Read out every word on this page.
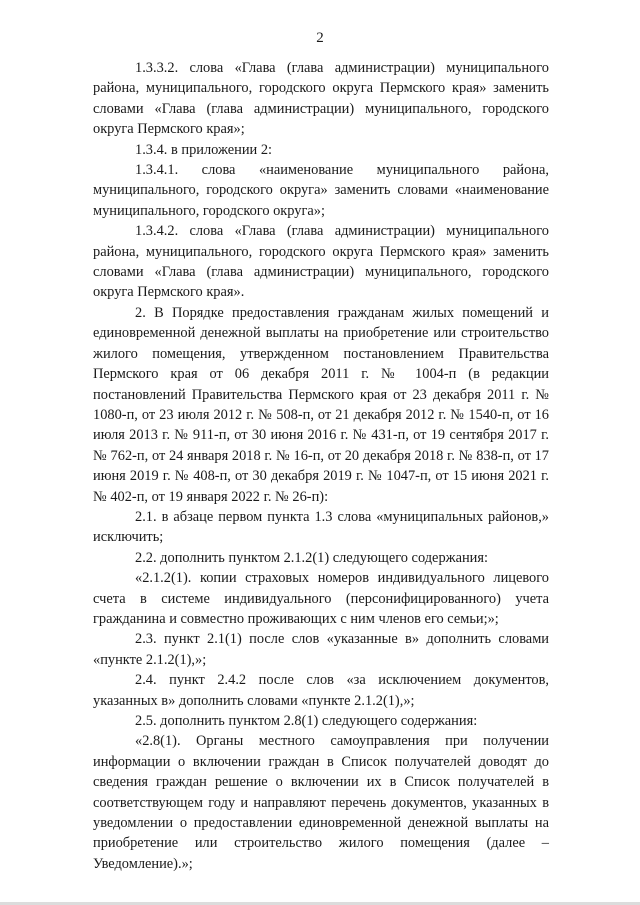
2

1.3.3.2. слова «Глава (глава администрации) муниципального района, муниципального, городского округа Пермского края» заменить словами «Глава (глава администрации) муниципального, городского округа Пермского края»;

1.3.4. в приложении 2:

1.3.4.1. слова «наименование муниципального района, муниципального, городского округа» заменить словами «наименование муниципального, городского округа»;

1.3.4.2. слова «Глава (глава администрации) муниципального района, муниципального, городского округа Пермского края» заменить словами «Глава (глава администрации) муниципального, городского округа Пермского края».

2. В Порядке предоставления гражданам жилых помещений и единовременной денежной выплаты на приобретение или строительство жилого помещения, утвержденном постановлением Правительства Пермского края от 06 декабря 2011 г. № 1004-п (в редакции постановлений Правительства Пермского края от 23 декабря 2011 г. № 1080-п, от 23 июля 2012 г. № 508-п, от 21 декабря 2012 г. № 1540-п, от 16 июля 2013 г. № 911-п, от 30 июня 2016 г. № 431-п, от 19 сентября 2017 г. № 762-п, от 24 января 2018 г. № 16-п, от 20 декабря 2018 г. № 838-п, от 17 июня 2019 г. № 408-п, от 30 декабря 2019 г. № 1047-п, от 15 июня 2021 г. № 402-п, от 19 января 2022 г. № 26-п):

2.1. в абзаце первом пункта 1.3 слова «муниципальных районов,» исключить;

2.2. дополнить пунктом 2.1.2(1) следующего содержания:

«2.1.2(1). копии страховых номеров индивидуального лицевого счета в системе индивидуального (персонифицированного) учета гражданина и совместно проживающих с ним членов его семьи;»;

2.3. пункт 2.1(1) после слов «указанные в» дополнить словами «пункте 2.1.2(1),»;

2.4. пункт 2.4.2 после слов «за исключением документов, указанных в» дополнить словами «пункте 2.1.2(1),»;

2.5. дополнить пунктом 2.8(1) следующего содержания:

«2.8(1). Органы местного самоуправления при получении информации о включении граждан в Список получателей доводят до сведения граждан решение о включении их в Список получателей в соответствующем году и направляют перечень документов, указанных в уведомлении о предоставлении единовременной денежной выплаты на приобретение или строительство жилого помещения (далее – Уведомление).»;
